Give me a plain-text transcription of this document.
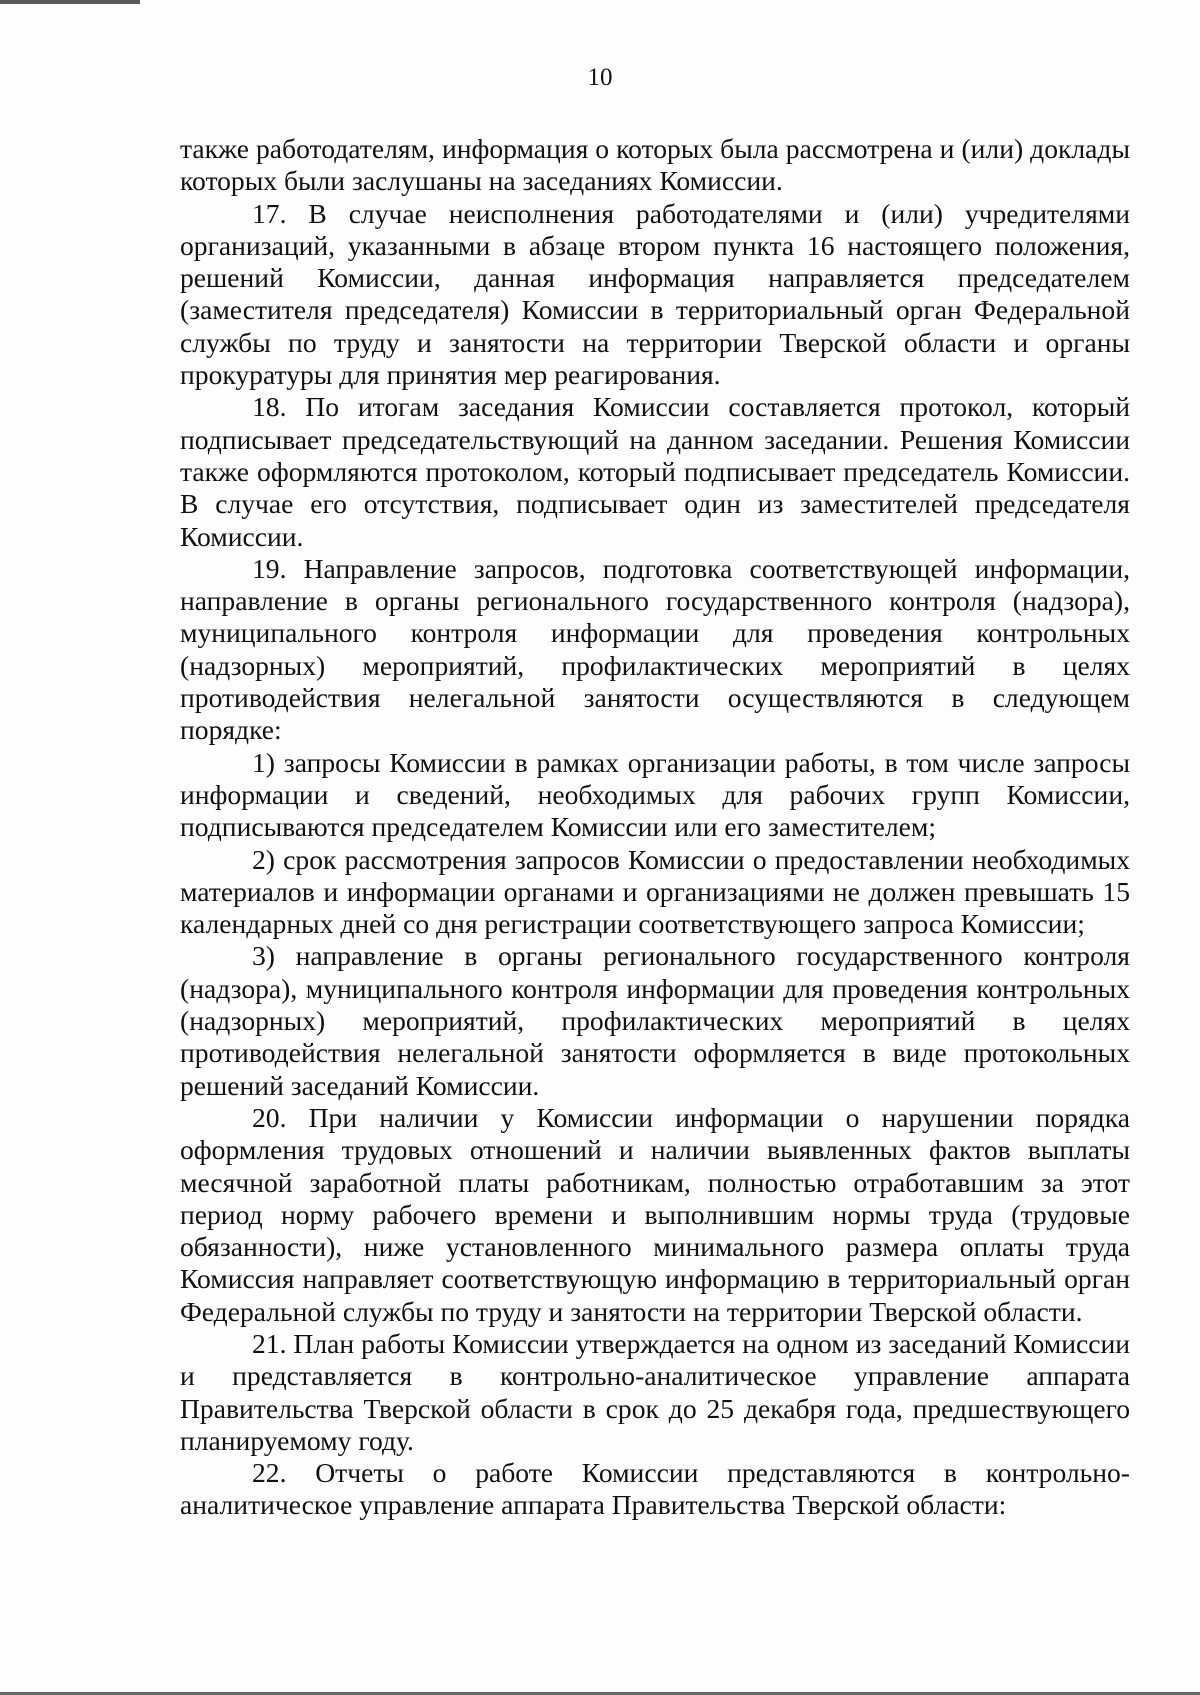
10

также работодателям, информация о которых была рассмотрена и (или) доклады которых были заслушаны на заседаниях Комиссии.

17. В случае неисполнения работодателями и (или) учредителями организаций, указанными в абзаце втором пункта 16 настоящего положения, решений Комиссии, данная информация направляется председателем (заместителя председателя) Комиссии в территориальный орган Федеральной службы по труду и занятости на территории Тверской области и органы прокуратуры для принятия мер реагирования.

18. По итогам заседания Комиссии составляется протокол, который подписывает председательствующий на данном заседании. Решения Комиссии также оформляются протоколом, который подписывает председатель Комиссии. В случае его отсутствия, подписывает один из заместителей председателя Комиссии.

19. Направление запросов, подготовка соответствующей информации, направление в органы регионального государственного контроля (надзора), муниципального контроля информации для проведения контрольных (надзорных) мероприятий, профилактических мероприятий в целях противодействия нелегальной занятости осуществляются в следующем порядке:

1) запросы Комиссии в рамках организации работы, в том числе запросы информации и сведений, необходимых для рабочих групп Комиссии, подписываются председателем Комиссии или его заместителем;

2) срок рассмотрения запросов Комиссии о предоставлении необходимых материалов и информации органами и организациями не должен превышать 15 календарных дней со дня регистрации соответствующего запроса Комиссии;

3) направление в органы регионального государственного контроля (надзора), муниципального контроля информации для проведения контрольных (надзорных) мероприятий, профилактических мероприятий в целях противодействия нелегальной занятости оформляется в виде протокольных решений заседаний Комиссии.

20. При наличии у Комиссии информации о нарушении порядка оформления трудовых отношений и наличии выявленных фактов выплаты месячной заработной платы работникам, полностью отработавшим за этот период норму рабочего времени и выполнившим нормы труда (трудовые обязанности), ниже установленного минимального размера оплаты труда Комиссия направляет соответствующую информацию в территориальный орган Федеральной службы по труду и занятости на территории Тверской области.

21. План работы Комиссии утверждается на одном из заседаний Комиссии и представляется в контрольно-аналитическое управление аппарата Правительства Тверской области в срок до 25 декабря года, предшествующего планируемому году.

22. Отчеты о работе Комиссии представляются в контрольно-аналитическое управление аппарата Правительства Тверской области:
